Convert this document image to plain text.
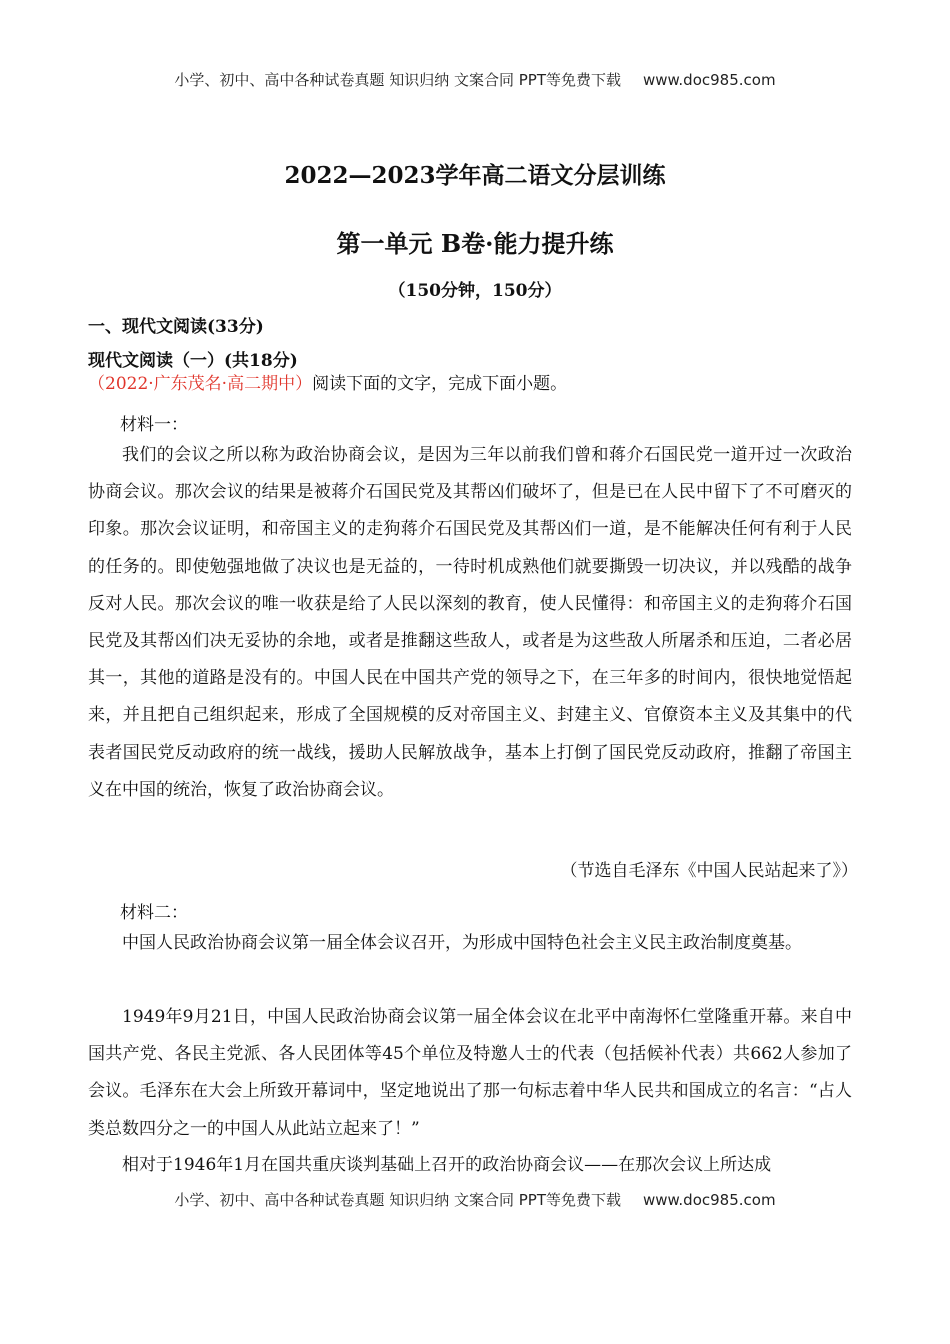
小学、初中、高中各种试卷真题 知识归纳 文案合同 PPT等免费下载 www.doc985.com
2022—2023学年高二语文分层训练
第一单元 B卷·能力提升练
（150分钟，150分）
一、现代文阅读(33分)
现代文阅读（一）(共18分)
（2022·广东茂名·高二期中）阅读下面的文字，完成下面小题。
材料一：
我们的会议之所以称为政治协商会议，是因为三年以前我们曾和蒋介石国民党一道开过一次政治协商会议。那次会议的结果是被蒋介石国民党及其帮凶们破坏了，但是已在人民中留下了不可磨灭的印象。那次会议证明，和帝国主义的走狗蒋介石国民党及其帮凶们一道，是不能解决任何有利于人民的任务的。即使勉强地做了决议也是无益的，一待时机成熟他们就要撕毁一切决议，并以残酷的战争反对人民。那次会议的唯一收获是给了人民以深刻的教育，使人民懂得：和帝国主义的走狗蒋介石国民党及其帮凶们决无妥协的余地，或者是推翻这些敌人，或者是为这些敌人所屠杀和压迫，二者必居其一，其他的道路是没有的。中国人民在中国共产党的领导之下，在三年多的时间内，很快地觉悟起来，并且把自己组织起来，形成了全国规模的反对帝国主义、封建主义、官僚资本主义及其集中的代表者国民党反动政府的统一战线，援助人民解放战争，基本上打倒了国民党反动政府，推翻了帝国主义在中国的统治，恢复了政治协商会议。
（节选自毛泽东《中国人民站起来了》）
材料二：
中国人民政治协商会议第一届全体会议召开，为形成中国特色社会主义民主政治制度奠基。
1949年9月21日，中国人民政治协商会议第一届全体会议在北平中南海怀仁堂隆重开幕。来自中国共产党、各民主党派、各人民团体等45个单位及特邀人士的代表（包括候补代表）共662人参加了会议。毛泽东在大会上所致开幕词中，坚定地说出了那一句标志着中华人民共和国成立的名言：“占人类总数四分之一的中国人从此站立起来了！”
相对于1946年1月在国共重庆谈判基础上召开的政治协商会议——在那次会议上所达成
小学、初中、高中各种试卷真题 知识归纳 文案合同 PPT等免费下载 www.doc985.com
